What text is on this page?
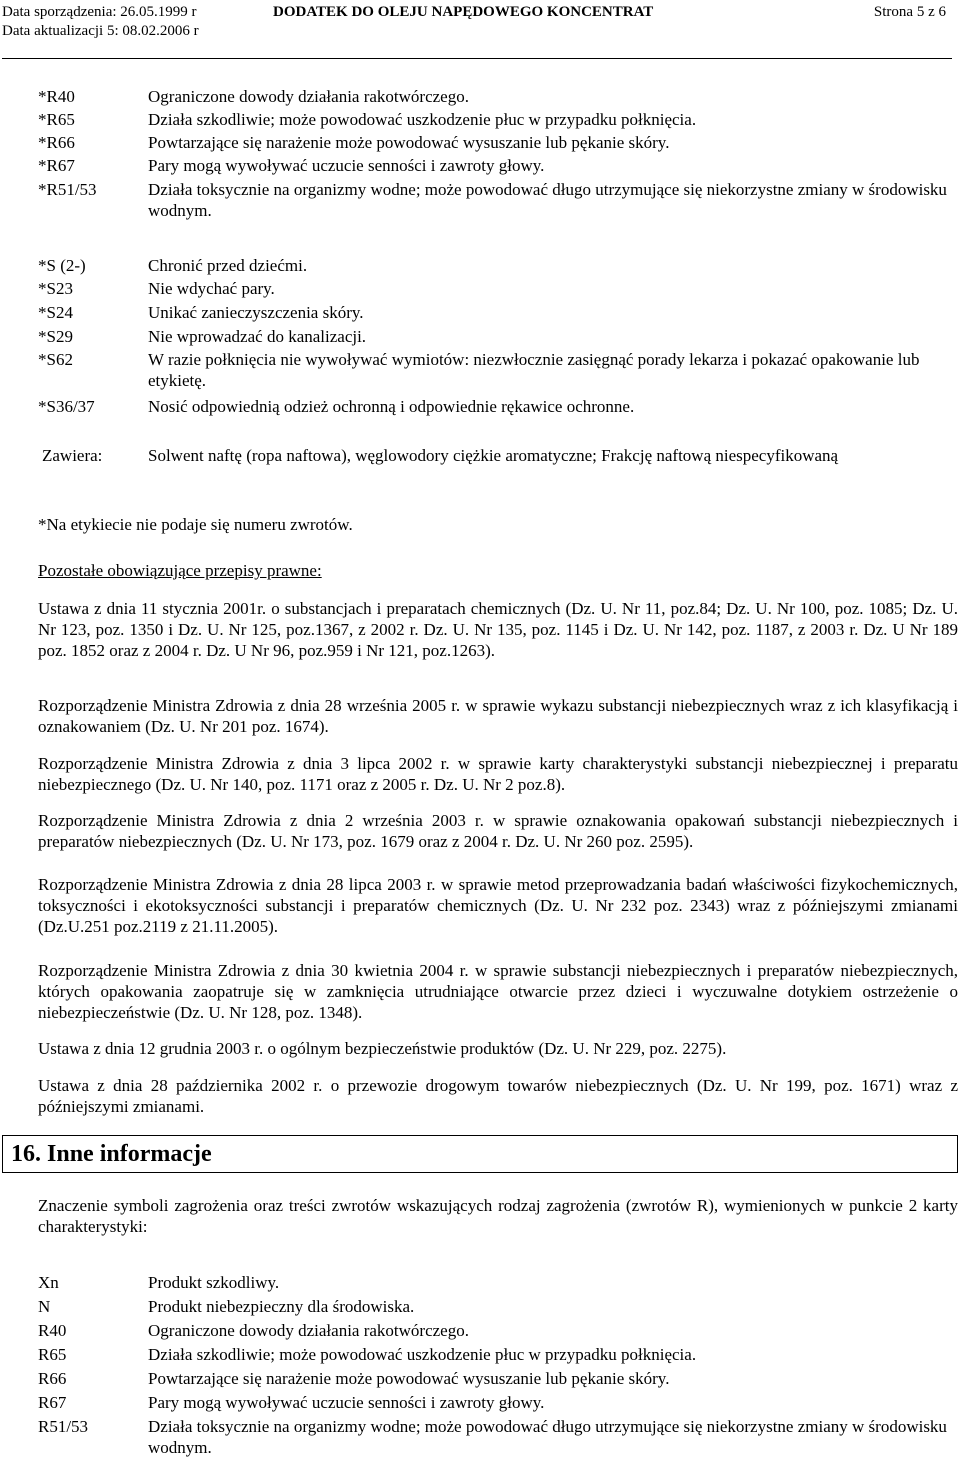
Data sporządzenia: 26.05.1999 r
Data aktualizacji 5: 08.02.2006 r
DODATEK DO OLEJU NAPĘDOWEGO KONCENTRAT	Strona 5 z 6
*R40	Ograniczone dowody działania rakotwórczego.
*R65	Działa szkodliwie; może powodować uszkodzenie płuc w przypadku połknięcia.
*R66	Powtarzające się narażenie może powodować wysuszanie lub pękanie skóry.
*R67	Pary mogą wywoływać uczucie senności i zawroty głowy.
*R51/53	Działa toksycznie na organizmy wodne; może powodować długo utrzymujące się niekorzystne zmiany w środowisku wodnym.
*S (2-)	Chronić przed dziećmi.
*S23	Nie wdychać pary.
*S24	Unikać zanieczyszczenia skóry.
*S29	Nie wprowadzać do kanalizacji.
*S62	W razie połknięcia nie wywoływać wymiotów: niezwłocznie zasięgnąć porady lekarza i pokazać opakowanie lub etykietę.
*S36/37	Nosić odpowiednią odzież ochronną i odpowiednie rękawice ochronne.
Zawiera:	Solwent naftę (ropa naftowa), węglowodory ciężkie aromatyczne; Frakcję naftową niespecyfikowaną
*Na etykiecie nie podaje się numeru zwrotów.
Pozostałe obowiązujące przepisy prawne:
Ustawa z dnia 11 stycznia 2001r. o substancjach i preparatach chemicznych (Dz. U. Nr 11, poz.84; Dz. U. Nr 100, poz. 1085; Dz. U. Nr 123, poz. 1350 i Dz. U. Nr 125, poz.1367, z 2002 r. Dz. U. Nr 135, poz. 1145 i Dz. U. Nr 142, poz. 1187, z 2003 r. Dz. U Nr 189 poz. 1852 oraz z 2004 r. Dz. U Nr 96, poz.959 i Nr 121, poz.1263).
Rozporządzenie Ministra Zdrowia z dnia 28 września 2005 r. w sprawie wykazu substancji niebezpiecznych wraz z ich klasyfikacją i oznakowaniem (Dz. U. Nr 201 poz. 1674).
Rozporządzenie Ministra Zdrowia z dnia 3 lipca 2002 r. w sprawie karty charakterystyki substancji niebezpiecznej i preparatu niebezpiecznego (Dz. U. Nr 140, poz. 1171 oraz z 2005 r. Dz. U. Nr 2 poz.8).
Rozporządzenie Ministra Zdrowia z dnia 2 września 2003 r. w sprawie oznakowania opakowań substancji niebezpiecznych i preparatów niebezpiecznych (Dz. U. Nr 173, poz. 1679 oraz z 2004 r. Dz. U. Nr 260 poz. 2595).
Rozporządzenie Ministra Zdrowia z dnia 28 lipca 2003 r. w sprawie metod przeprowadzania badań właściwości fizykochemicznych, toksyczności i ekotoksyczności substancji i preparatów chemicznych (Dz. U. Nr 232 poz. 2343) wraz z późniejszymi zmianami (Dz.U.251 poz.2119 z 21.11.2005).
Rozporządzenie Ministra Zdrowia z dnia 30 kwietnia 2004 r. w sprawie substancji niebezpiecznych i preparatów niebezpiecznych, których opakowania zaopatruje się w zamknięcia utrudniające otwarcie przez dzieci i wyczuwalne dotykiem ostrzeżenie o niebezpieczeństwie (Dz. U. Nr 128, poz. 1348).
Ustawa z dnia 12 grudnia 2003 r. o ogólnym bezpieczeństwie produktów (Dz. U. Nr 229, poz. 2275).
Ustawa z dnia 28 października 2002 r. o przewozie drogowym towarów niebezpiecznych (Dz. U. Nr 199, poz. 1671) wraz z późniejszymi zmianami.
16. Inne informacje
Znaczenie symboli zagrożenia oraz treści zwrotów wskazujących rodzaj zagrożenia (zwrotów R), wymienionych w punkcie 2 karty charakterystyki:
Xn	Produkt szkodliwy.
N	Produkt niebezpieczny dla środowiska.
R40	Ograniczone dowody działania rakotwórczego.
R65	Działa szkodliwie; może powodować uszkodzenie płuc w przypadku połknięcia.
R66	Powtarzające się narażenie może powodować wysuszanie lub pękanie skóry.
R67	Pary mogą wywoływać uczucie senności i zawroty głowy.
R51/53	Działa toksycznie na organizmy wodne; może powodować długo utrzymujące się niekorzystne zmiany w środowisku wodnym.
